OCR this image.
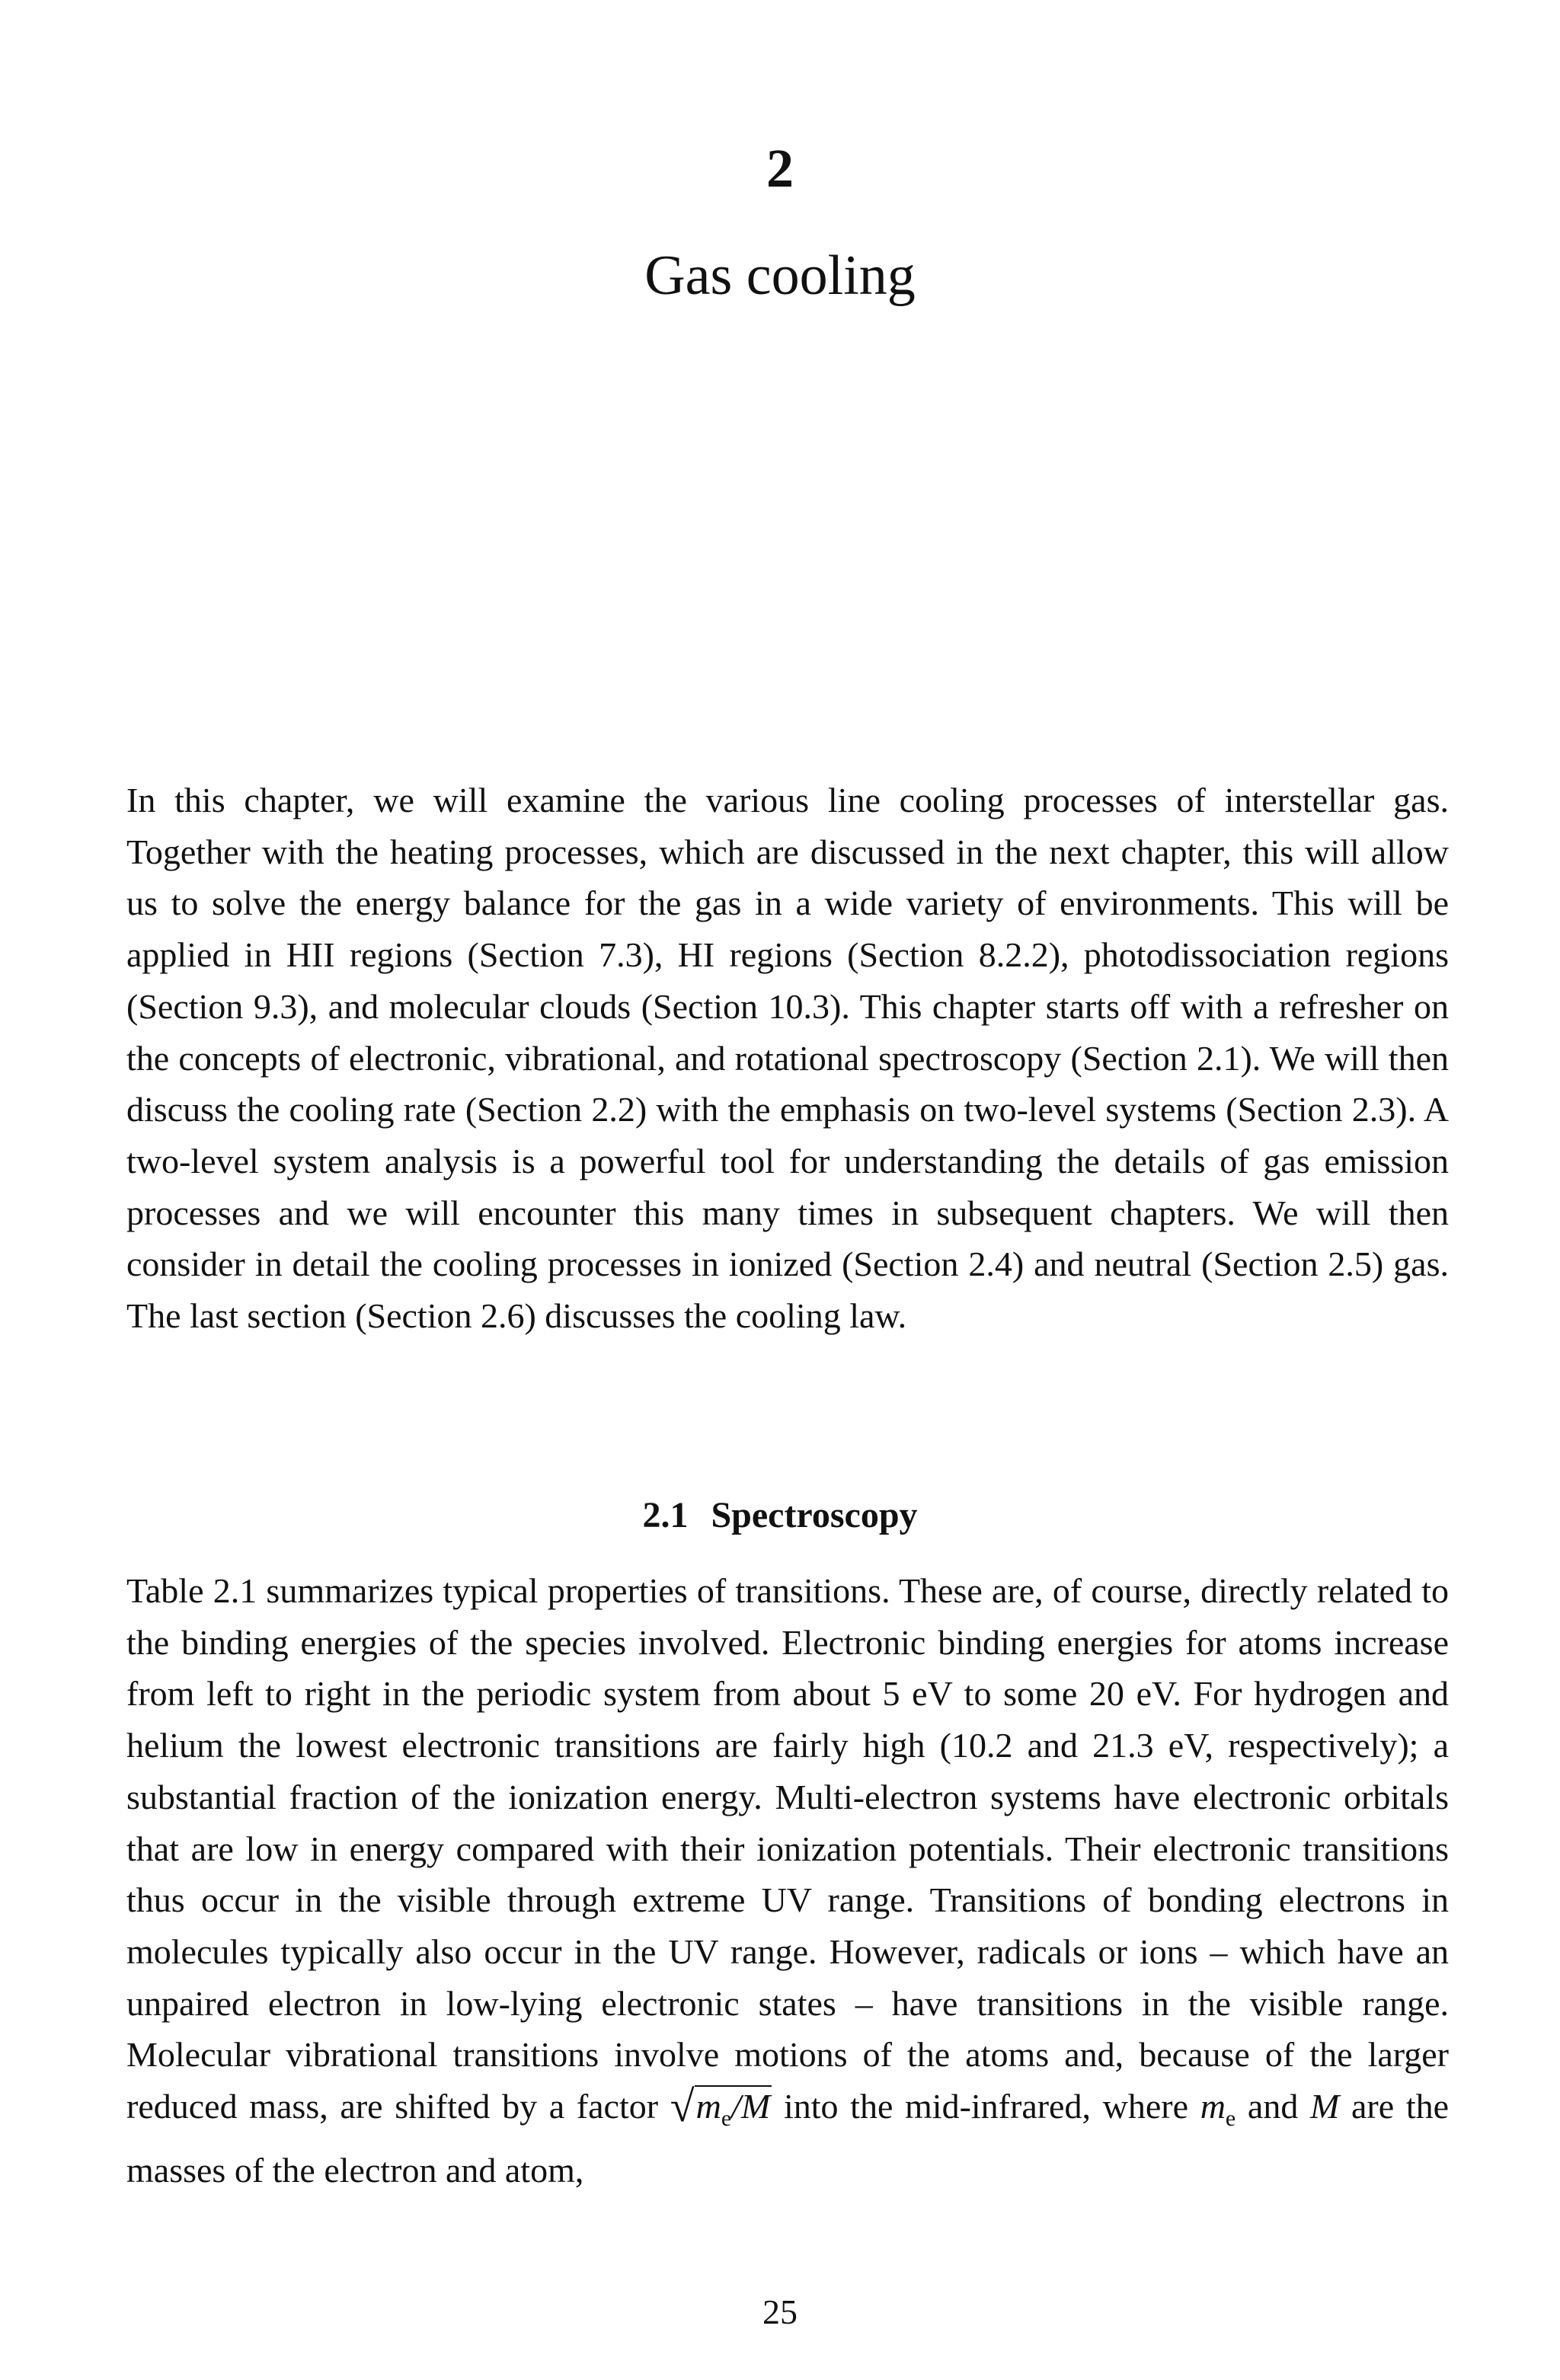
2
Gas cooling

In this chapter, we will examine the various line cooling processes of interstellar gas. Together with the heating processes, which are discussed in the next chapter, this will allow us to solve the energy balance for the gas in a wide variety of environments. This will be applied in HII regions (Section 7.3), HI regions (Section 8.2.2), photodissociation regions (Section 9.3), and molecular clouds (Section 10.3). This chapter starts off with a refresher on the concepts of electronic, vibrational, and rotational spectroscopy (Section 2.1). We will then discuss the cooling rate (Section 2.2) with the emphasis on two-level systems (Section 2.3). A two-level system analysis is a powerful tool for understanding the details of gas emission processes and we will encounter this many times in subsequent chapters. We will then consider in detail the cooling processes in ionized (Section 2.4) and neutral (Section 2.5) gas. The last section (Section 2.6) discusses the cooling law.

2.1 Spectroscopy

Table 2.1 summarizes typical properties of transitions. These are, of course, directly related to the binding energies of the species involved. Electronic binding energies for atoms increase from left to right in the periodic system from about 5 eV to some 20 eV. For hydrogen and helium the lowest electronic transitions are fairly high (10.2 and 21.3 eV, respectively); a substantial fraction of the ionization energy. Multi-electron systems have electronic orbitals that are low in energy compared with their ionization potentials. Their electronic transitions thus occur in the visible through extreme UV range. Transitions of bonding electrons in molecules typically also occur in the UV range. However, radicals or ions – which have an unpaired electron in low-lying electronic states – have transitions in the visible range. Molecular vibrational transitions involve motions of the atoms and, because of the larger reduced mass, are shifted by a factor $√m_e/M$ into the mid-infrared, where $m_e$ and M are the masses of the electron and atom,

25
